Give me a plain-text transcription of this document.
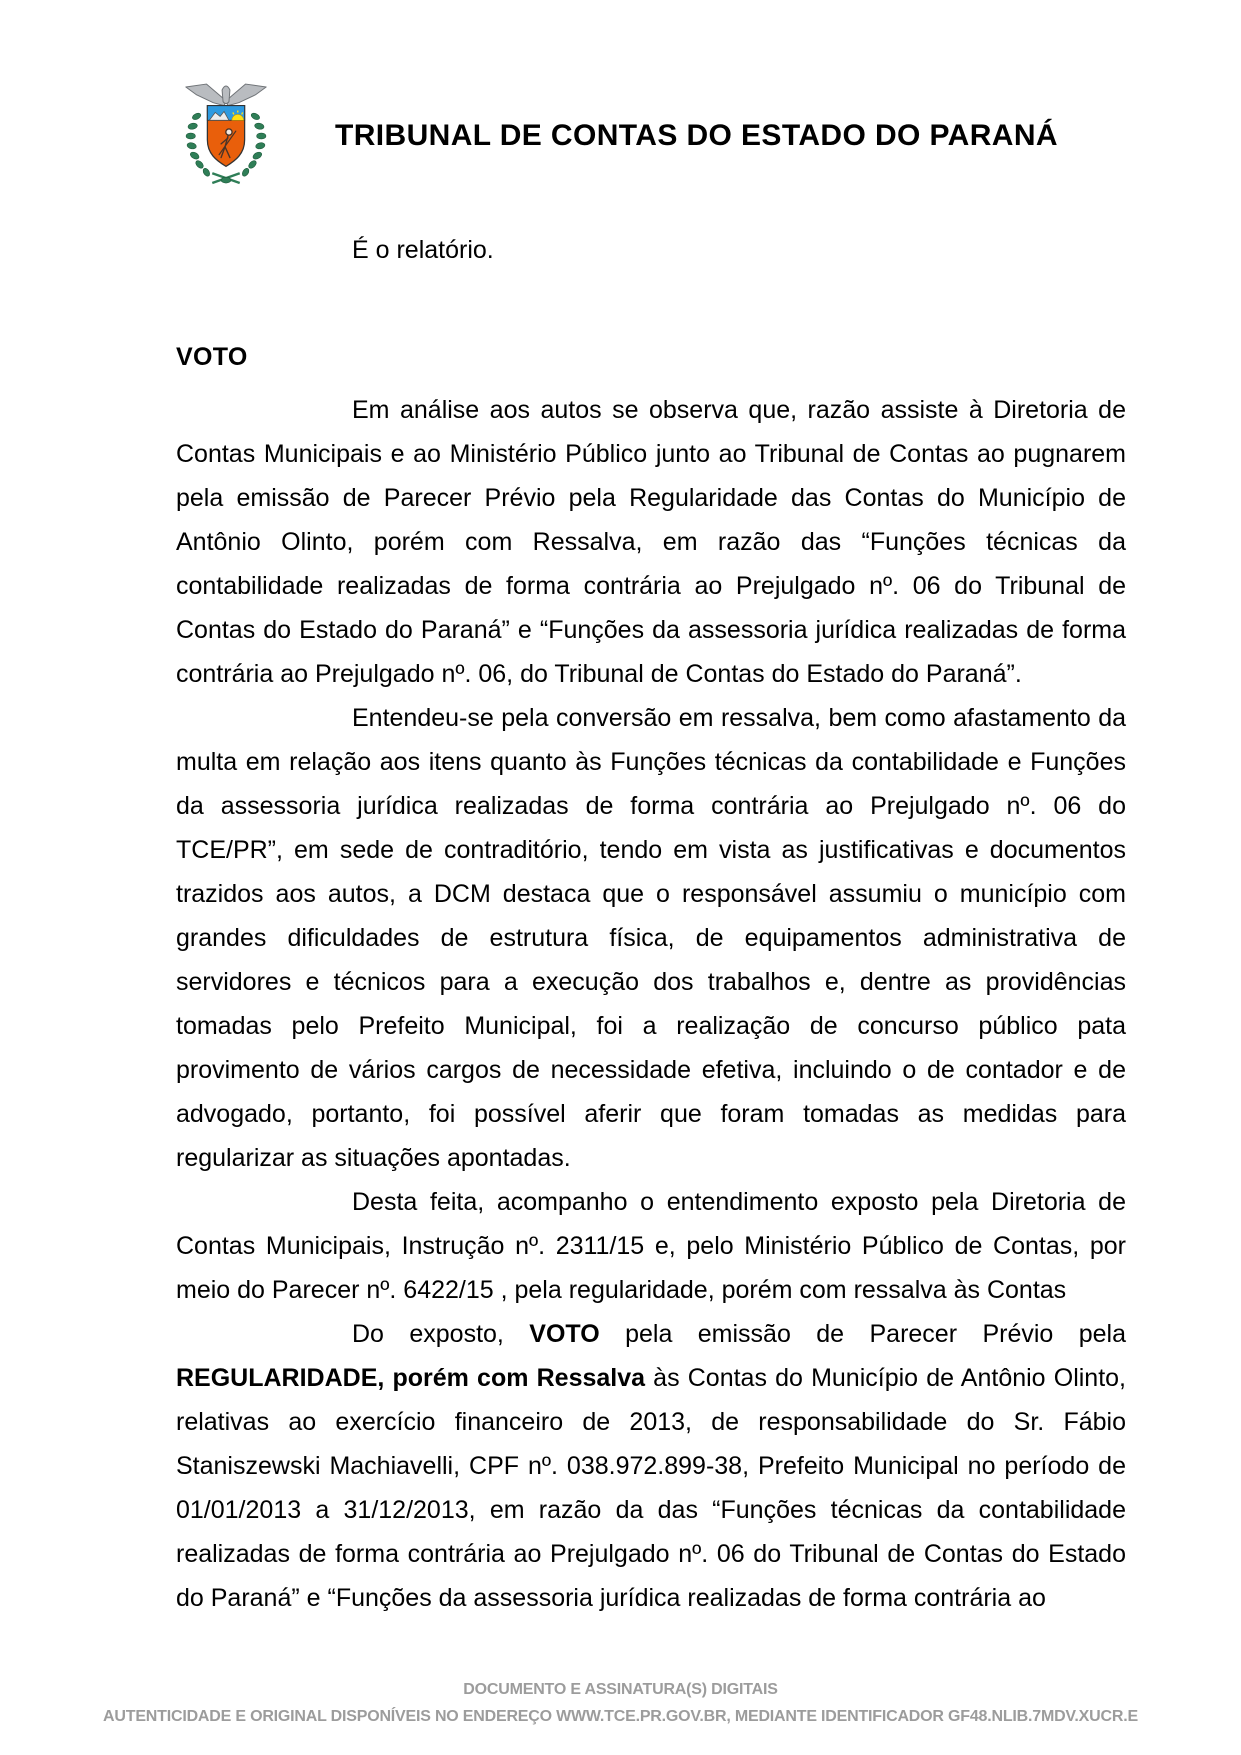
TRIBUNAL DE CONTAS DO ESTADO DO PARANÁ

É o relatório.

VOTO

Em análise aos autos se observa que, razão assiste à Diretoria de Contas Municipais e ao Ministério Público junto ao Tribunal de Contas ao pugnarem pela emissão de Parecer Prévio pela Regularidade das Contas do Município de Antônio Olinto, porém com Ressalva, em razão das “Funções técnicas da contabilidade realizadas de forma contrária ao Prejulgado nº. 06 do Tribunal de Contas do Estado do Paraná” e “Funções da assessoria jurídica realizadas de forma contrária ao Prejulgado nº. 06, do Tribunal de Contas do Estado do Paraná”.

Entendeu-se pela conversão em ressalva, bem como afastamento da multa em relação aos itens quanto às Funções técnicas da contabilidade e Funções da assessoria jurídica realizadas de forma contrária ao Prejulgado nº. 06 do TCE/PR”, em sede de contraditório, tendo em vista as justificativas e documentos trazidos aos autos, a DCM destaca que o responsável assumiu o município com grandes dificuldades de estrutura física, de equipamentos administrativa de servidores e técnicos para a execução dos trabalhos e, dentre as providências tomadas pelo Prefeito Municipal, foi a realização de concurso público pata provimento de vários cargos de necessidade efetiva, incluindo o de contador e de advogado, portanto, foi possível aferir que foram tomadas as medidas para regularizar as situações apontadas.

Desta feita, acompanho o entendimento exposto pela Diretoria de Contas Municipais, Instrução nº. 2311/15 e, pelo Ministério Público de Contas, por meio do Parecer nº. 6422/15 , pela regularidade, porém com ressalva às Contas

Do exposto, VOTO pela emissão de Parecer Prévio pela REGULARIDADE, porém com Ressalva às Contas do Município de Antônio Olinto, relativas ao exercício financeiro de 2013, de responsabilidade do Sr. Fábio Staniszewski Machiavelli, CPF nº. 038.972.899-38, Prefeito Municipal no período de 01/01/2013 a 31/12/2013, em razão da das “Funções técnicas da contabilidade realizadas de forma contrária ao Prejulgado nº. 06 do Tribunal de Contas do Estado do Paraná” e “Funções da assessoria jurídica realizadas de forma contrária ao

DOCUMENTO E ASSINATURA(S) DIGITAIS
AUTENTICIDADE E ORIGINAL DISPONÍVEIS NO ENDEREÇO WWW.TCE.PR.GOV.BR, MEDIANTE IDENTIFICADOR GF48.NLIB.7MDV.XUCR.E
